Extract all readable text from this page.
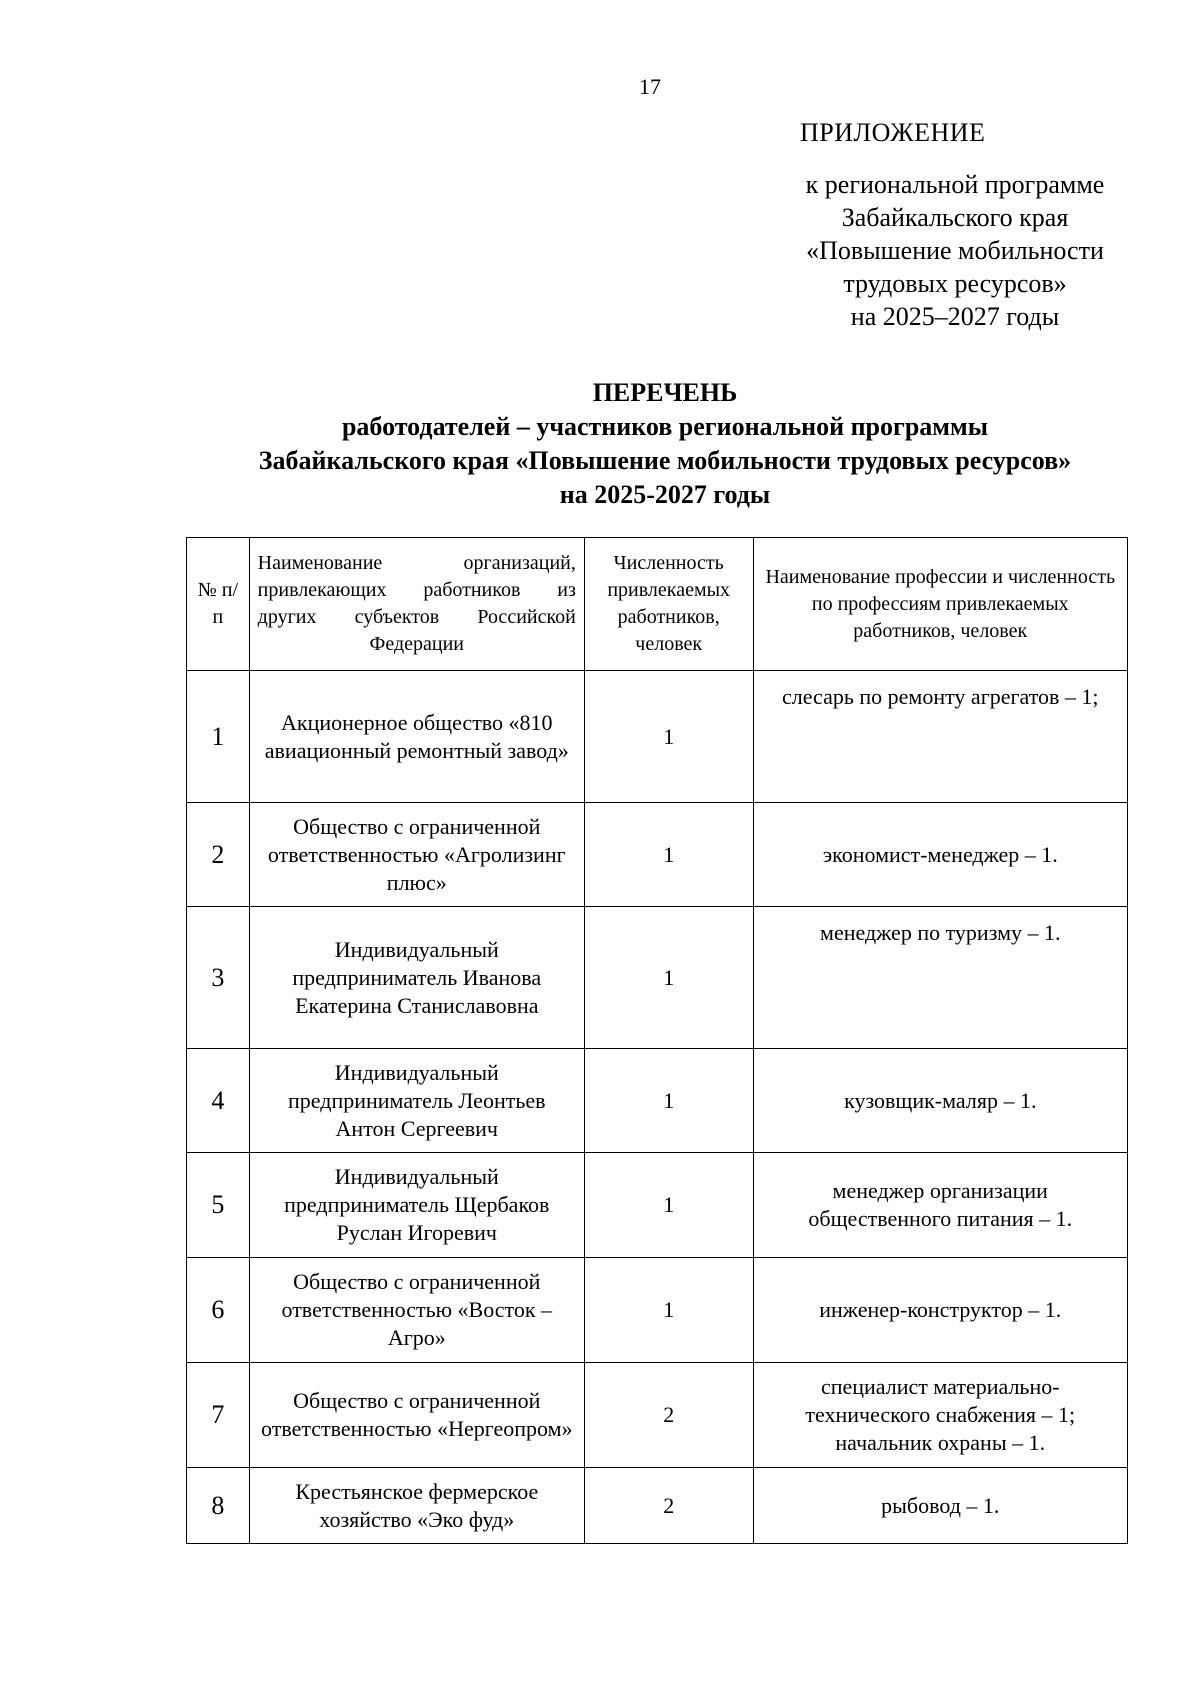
17
ПРИЛОЖЕНИЕ
к региональной программе
Забайкальского края
«Повышение мобильности
трудовых ресурсов»
на 2025–2027 годы
ПЕРЕЧЕНЬ
работодателей – участников региональной программы
Забайкальского края «Повышение мобильности трудовых ресурсов»
на 2025-2027 годы
№ п/п	Наименование организаций, привлекающих работников из других субъектов Российской Федерации	Численность привлекаемых работников, человек	Наименование профессии и численность по профессиям привлекаемых работников, человек
1	Акционерное общество «810 авиационный ремонтный завод»	1	слесарь по ремонту агрегатов – 1;
2	Общество с ограниченной ответственностью «Агролизинг плюс»	1	экономист-менеджер – 1.
3	Индивидуальный предприниматель Иванова Екатерина Станиславовна	1	менеджер по туризму – 1.
4	Индивидуальный предприниматель Леонтьев Антон Сергеевич	1	кузовщик-маляр – 1.
5	Индивидуальный предприниматель Щербаков Руслан Игоревич	1	менеджер организации общественного питания – 1.
6	Общество с ограниченной ответственностью «Восток – Агро»	1	инженер-конструктор – 1.
7	Общество с ограниченной ответственностью «Нергеопром»	2	специалист материально-технического снабжения – 1; начальник охраны – 1.
8	Крестьянское фермерское хозяйство «Эко фуд»	2	рыбовод – 1.
